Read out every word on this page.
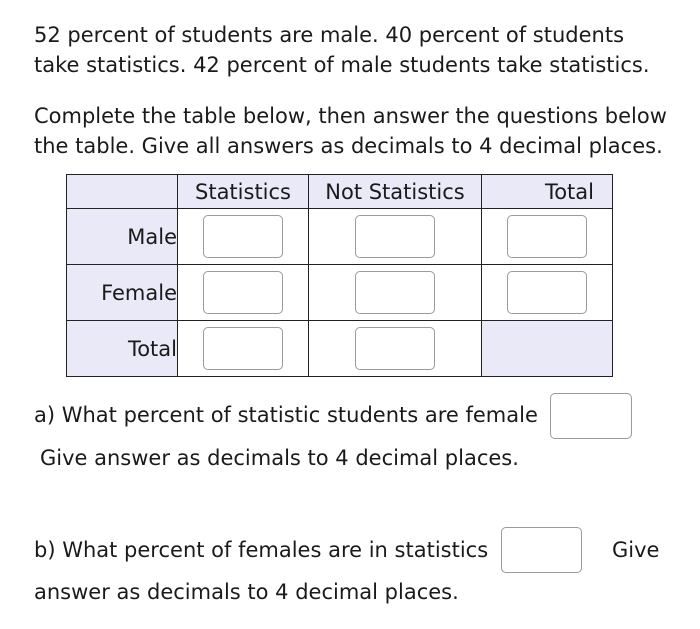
52 percent of students are male. 40 percent of students
take statistics. 42 percent of male students take statistics.

Complete the table below, then answer the questions below
the table. Give all answers as decimals to 4 decimal places.

	Statistics	Not Statistics	Total
Male			
Female			
Total			
a) What percent of statistic students are female
Give answer as decimals to 4 decimal places.
b) What percent of females are in statistics	Give
answer as decimals to 4 decimal places.
